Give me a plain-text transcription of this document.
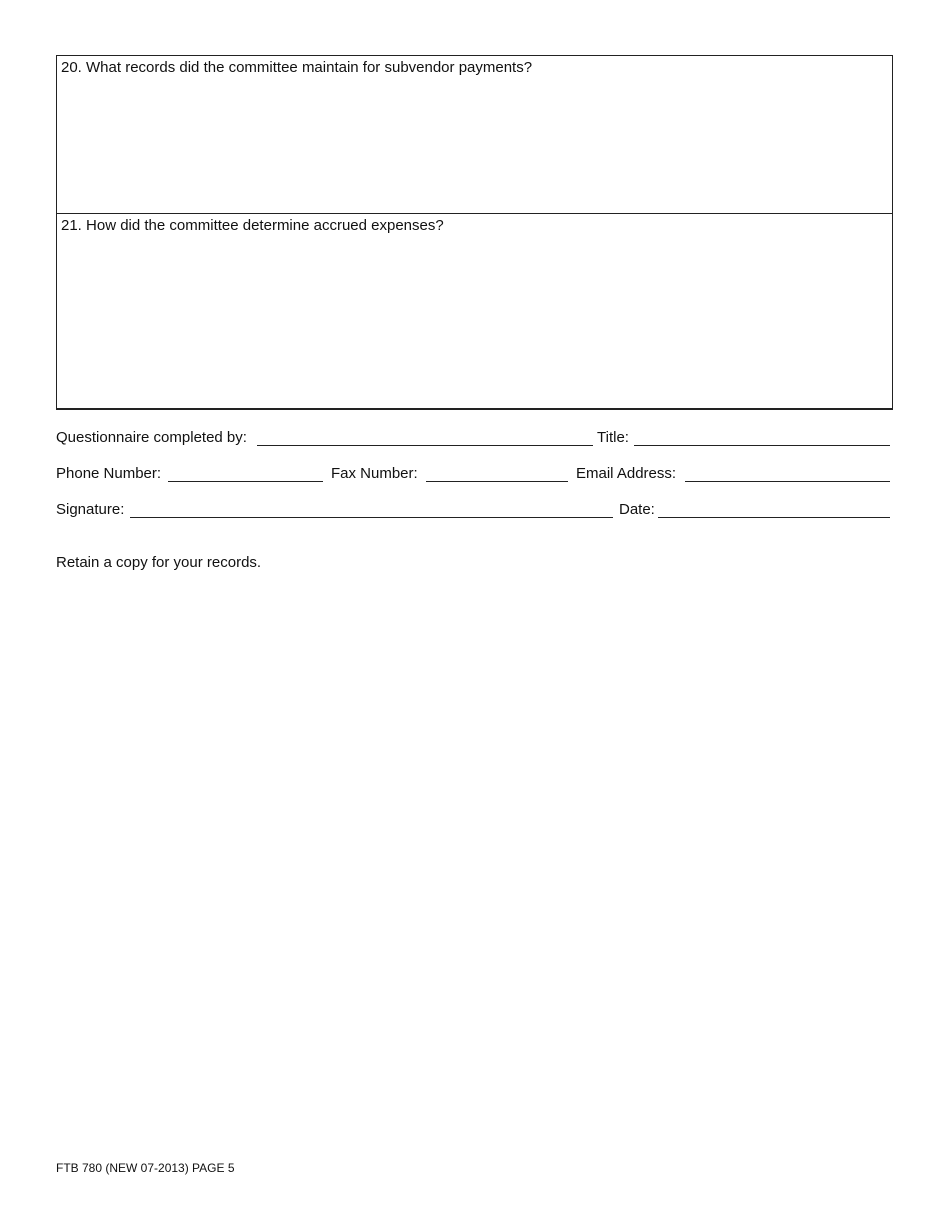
20. What records did the committee maintain for subvendor payments?
21. How did the committee determine accrued expenses?
Questionnaire completed by:	Title:
Phone Number:	Fax Number:	Email Address:
Signature:	Date:
Retain a copy for your records.
FTB 780 (NEW 07-2013) PAGE 5
